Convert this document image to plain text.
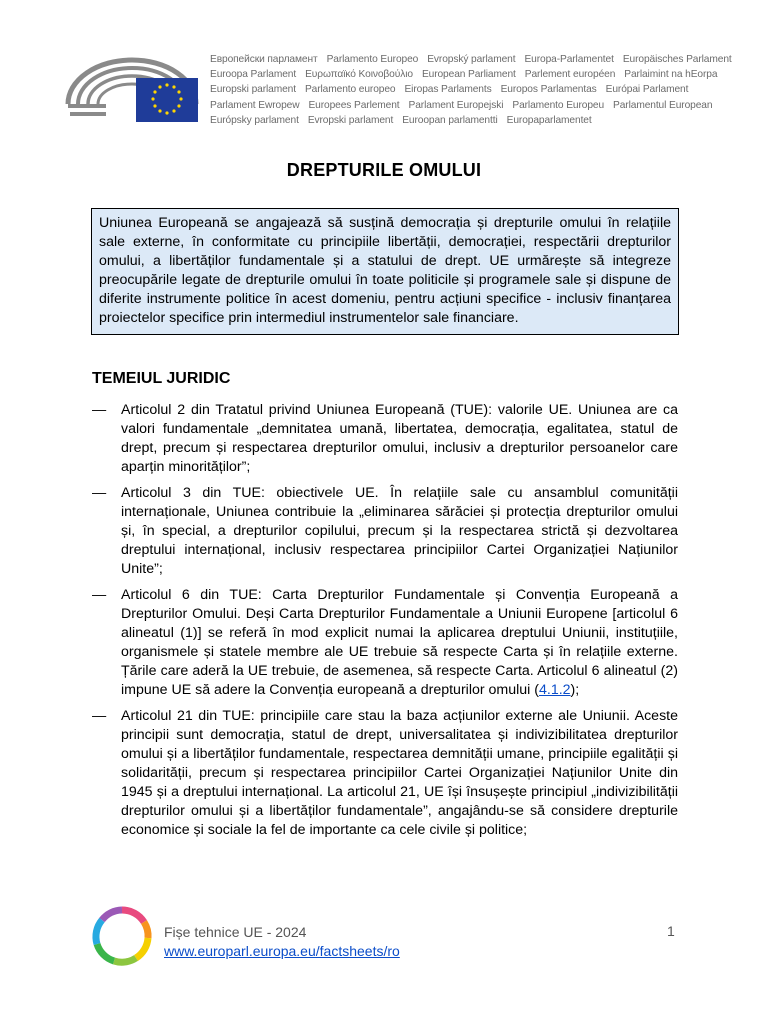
Европейски парламент Parlamento Europeo Evropský parlament Europa-Parlamentet Europäisches Parlament
Euroopa Parlament Ευρωπαϊκό Κοινοβούλιο European Parliament Parlement européen Parlaimint na hEorpa
Europski parlament Parlamento europeo Eiropas Parlaments Europos Parlamentas Európai Parlament
Parlament Ewropew Europees Parlement Parlament Europejski Parlamento Europeu Parlamentul European
Európsky parlament Evropski parlament Euroopan parlamentti Europaparlamentet
DREPTURILE OMULUI
Uniunea Europeană se angajează să susțină democrația și drepturile omului în relațiile sale externe, în conformitate cu principiile libertății, democrației, respectării drepturilor omului, a libertăților fundamentale și a statului de drept. UE urmărește să integreze preocupările legate de drepturile omului în toate politicile și programele sale și dispune de diferite instrumente politice în acest domeniu, pentru acțiuni specifice - inclusiv finanțarea proiectelor specifice prin intermediul instrumentelor sale financiare.
TEMEIUL JURIDIC
— Articolul 2 din Tratatul privind Uniunea Europeană (TUE): valorile UE. Uniunea are ca valori fundamentale „demnitatea umană, libertatea, democrația, egalitatea, statul de drept, precum și respectarea drepturilor omului, inclusiv a drepturilor persoanelor care aparțin minorităților”;
— Articolul 3 din TUE: obiectivele UE. În relațiile sale cu ansamblul comunității internaționale, Uniunea contribuie la „eliminarea sărăciei și protecția drepturilor omului și, în special, a drepturilor copilului, precum și la respectarea strictă și dezvoltarea dreptului internațional, inclusiv respectarea principiilor Cartei Organizației Națiunilor Unite”;
— Articolul 6 din TUE: Carta Drepturilor Fundamentale și Convenția Europeană a Drepturilor Omului. Deși Carta Drepturilor Fundamentale a Uniunii Europene [articolul 6 alineatul (1)] se referă în mod explicit numai la aplicarea dreptului Uniunii, instituțiile, organismele și statele membre ale UE trebuie să respecte Carta și în relațiile externe. Țările care aderă la UE trebuie, de asemenea, să respecte Carta. Articolul 6 alineatul (2) impune UE să adere la Convenția europeană a drepturilor omului (4.1.2);
— Articolul 21 din TUE: principiile care stau la baza acțiunilor externe ale Uniunii. Aceste principii sunt democrația, statul de drept, universalitatea și indivizibilitatea drepturilor omului și a libertăților fundamentale, respectarea demnității umane, principiile egalității și solidarității, precum și respectarea principiilor Cartei Organizației Națiunilor Unite din 1945 și a dreptului internațional. La articolul 21, UE își însușește principiul „indivizibilității drepturilor omului și a libertăților fundamentale”, angajându-se să considere drepturile economice și sociale la fel de importante ca cele civile și politice;
Fișe tehnice UE - 2024
www.europarl.europa.eu/factsheets/ro
1
